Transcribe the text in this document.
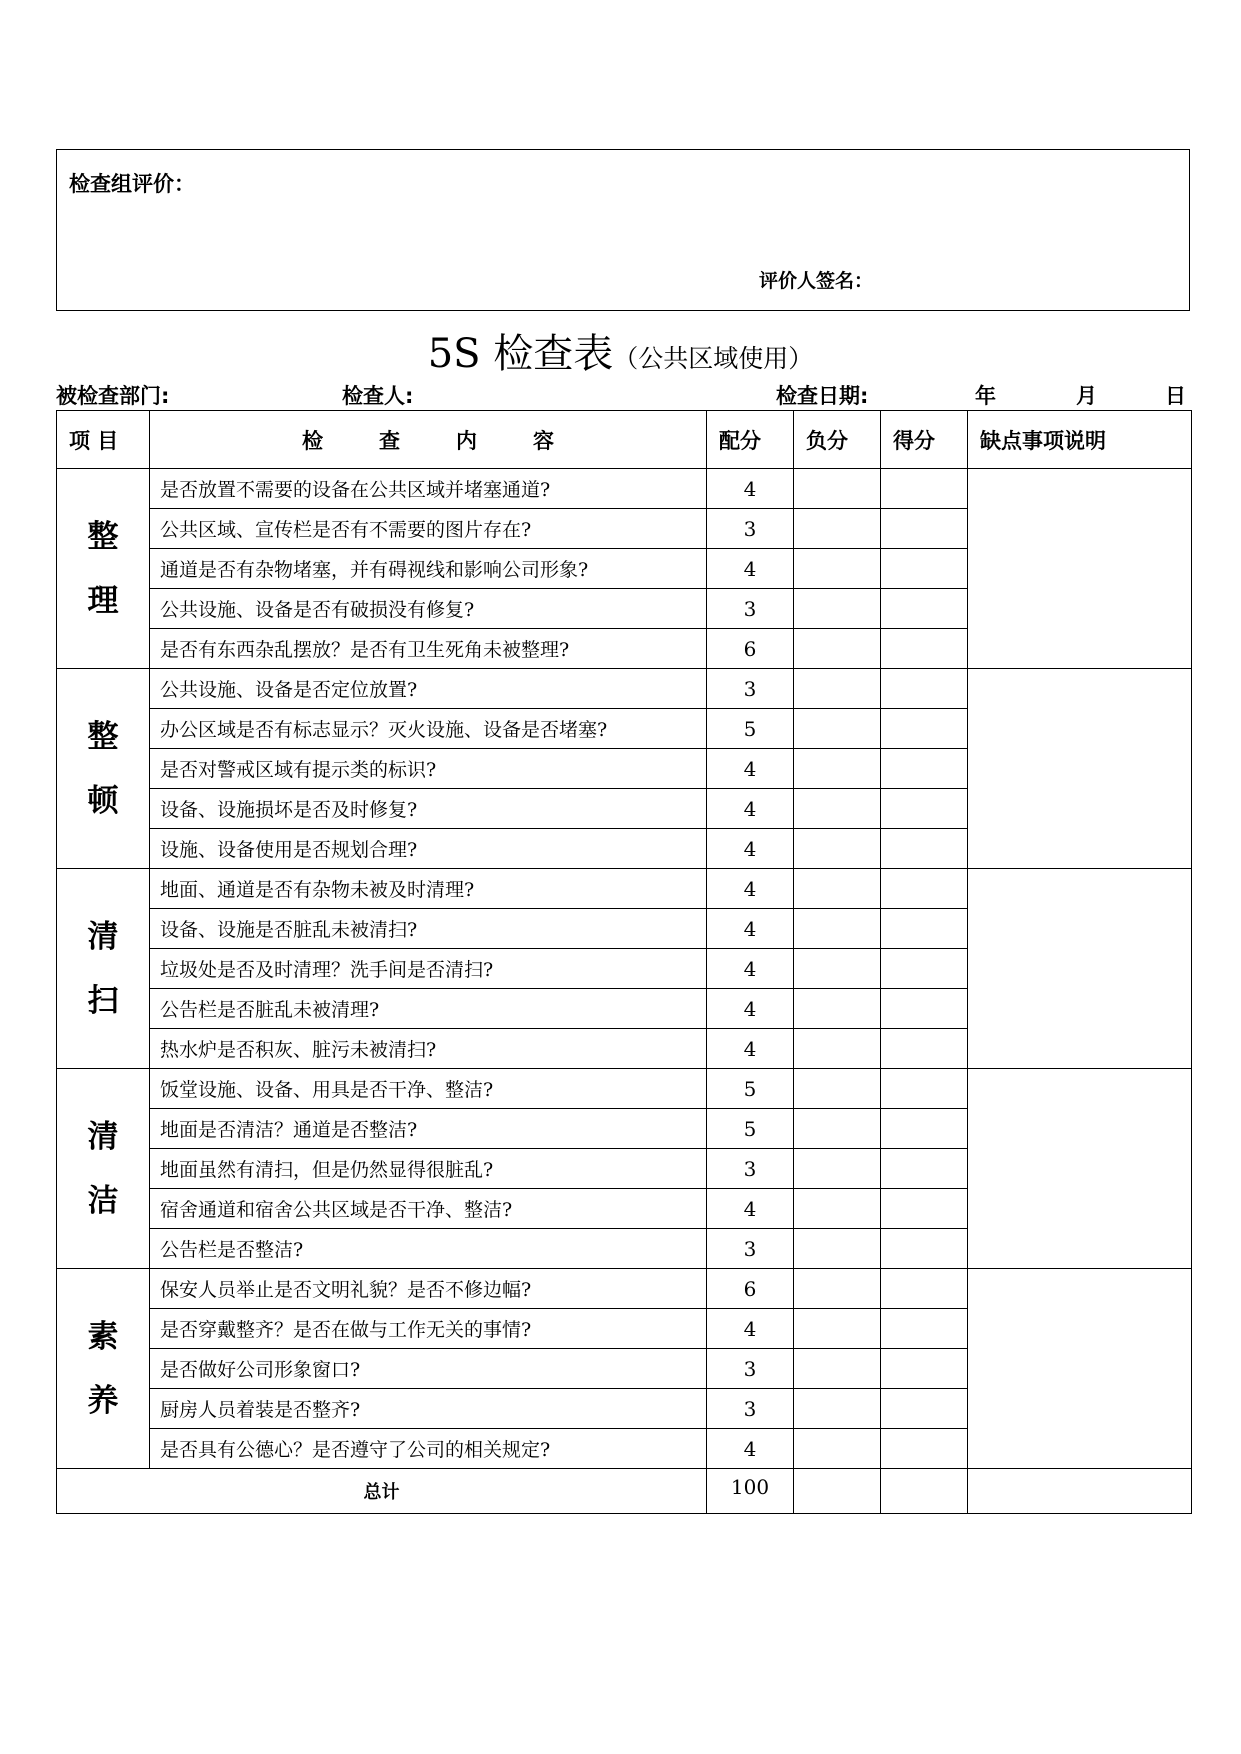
检查组评价：
评价人签名：
5S 检查表（公共区域使用）
被检查部门:	检查人:	检查日期:	年	月	日
项 目	检 查 内 容	配分	负分	得分	缺点事项说明

整
理	是否放置不需要的设备在公共区域并堵塞通道?	4			
	公共区域、宣传栏是否有不需要的图片存在?	3			
	通道是否有杂物堵塞，并有碍视线和影响公司形象?	4			
	公共设施、设备是否有破损没有修复?	3			
	是否有东西杂乱摆放？是否有卫生死角未被整理?	6			

整
顿	公共设施、设备是否定位放置?	3			
	办公区域是否有标志显示？灭火设施、设备是否堵塞?	5			
	是否对警戒区域有提示类的标识?	4			
	设备、设施损坏是否及时修复?	4			
	设施、设备使用是否规划合理?	4			

清
扫	地面、通道是否有杂物未被及时清理?	4			
	设备、设施是否脏乱未被清扫?	4			
	垃圾处是否及时清理？洗手间是否清扫?	4			
	公告栏是否脏乱未被清理?	4			
	热水炉是否积灰、脏污未被清扫?	4			

清
洁	饭堂设施、设备、用具是否干净、整洁?	5			
	地面是否清洁？通道是否整洁?	5			
	地面虽然有清扫，但是仍然显得很脏乱?	3			
	宿舍通道和宿舍公共区域是否干净、整洁?	4			
	公告栏是否整洁?	3			

素
养	保安人员举止是否文明礼貌？是否不修边幅?	6			
	是否穿戴整齐？是否在做与工作无关的事情?	4			
	是否做好公司形象窗口?	3			
	厨房人员着装是否整齐?	3			
	是否具有公德心？是否遵守了公司的相关规定?	4			
总计		100			
